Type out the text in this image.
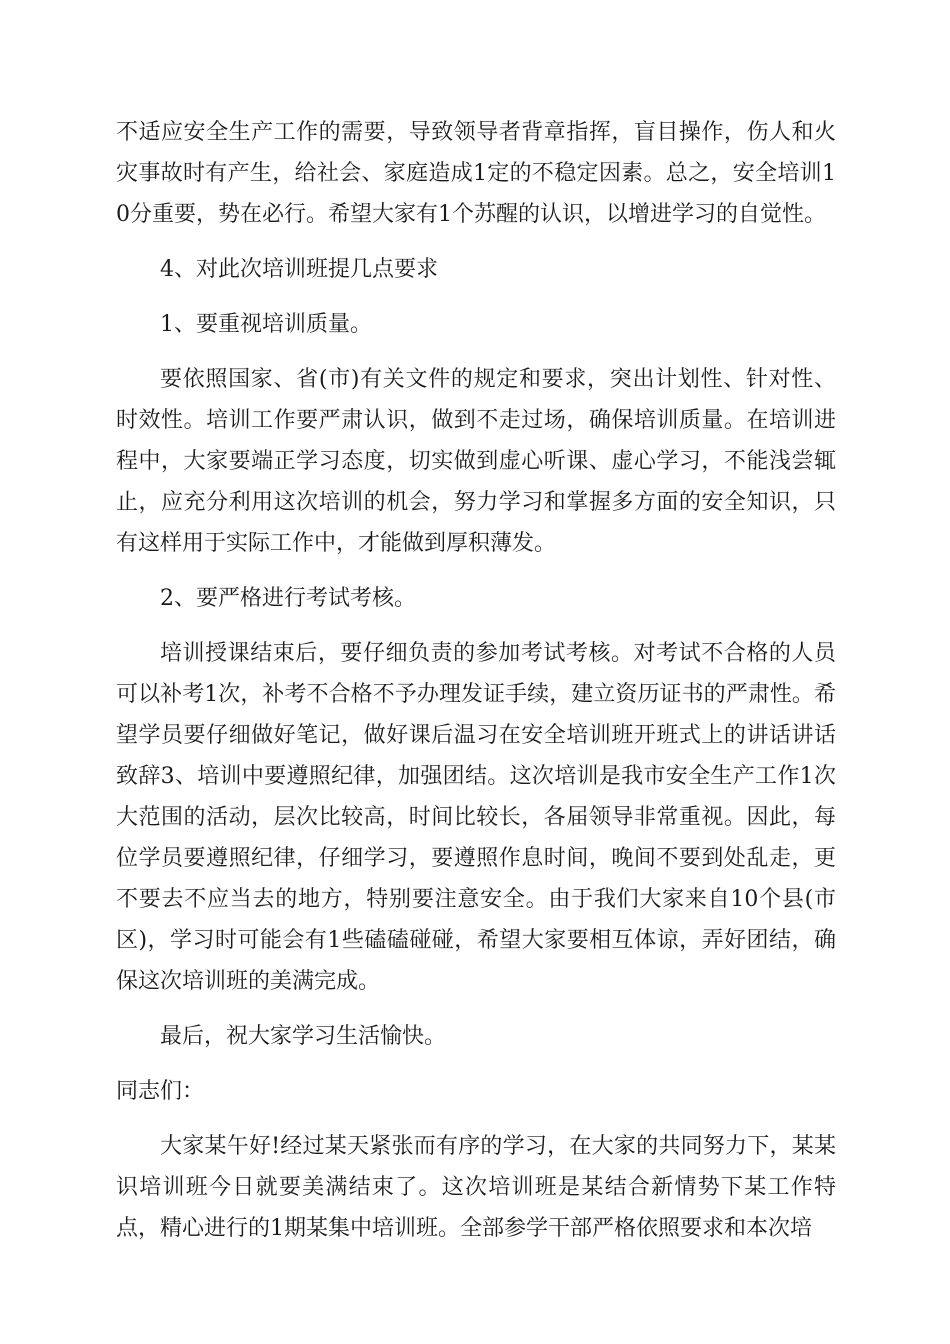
不适应安全生产工作的需要，导致领导者背章指挥，盲目操作，伤人和火灾事故时有产生，给社会、家庭造成1定的不稳定因素。总之，安全培训10分重要，势在必行。希望大家有1个苏醒的认识，以增进学习的自觉性。

4、对此次培训班提几点要求

1、要重视培训质量。

要依照国家、省(市)有关文件的规定和要求，突出计划性、针对性、时效性。培训工作要严肃认识，做到不走过场，确保培训质量。在培训进程中，大家要端正学习态度，切实做到虚心听课、虚心学习，不能浅尝辄止，应充分利用这次培训的机会，努力学习和掌握多方面的安全知识，只有这样用于实际工作中，才能做到厚积薄发。

2、要严格进行考试考核。

培训授课结束后，要仔细负责的参加考试考核。对考试不合格的人员可以补考1次，补考不合格不予办理发证手续，建立资历证书的严肃性。希望学员要仔细做好笔记，做好课后温习在安全培训班开班式上的讲话讲话致辞3、培训中要遵照纪律，加强团结。这次培训是我市安全生产工作1次大范围的活动，层次比较高，时间比较长，各届领导非常重视。因此，每位学员要遵照纪律，仔细学习，要遵照作息时间，晚间不要到处乱走，更不要去不应当去的地方，特别要注意安全。由于我们大家来自10个县(市区)，学习时可能会有1些磕磕碰碰，希望大家要相互体谅，弄好团结，确保这次培训班的美满完成。

最后，祝大家学习生活愉快。

同志们：

大家某午好!经过某天紧张而有序的学习，在大家的共同努力下，某某识培训班今日就要美满结束了。这次培训班是某结合新情势下某工作特点，精心进行的1期某集中培训班。全部参学干部严格依照要求和本次培
